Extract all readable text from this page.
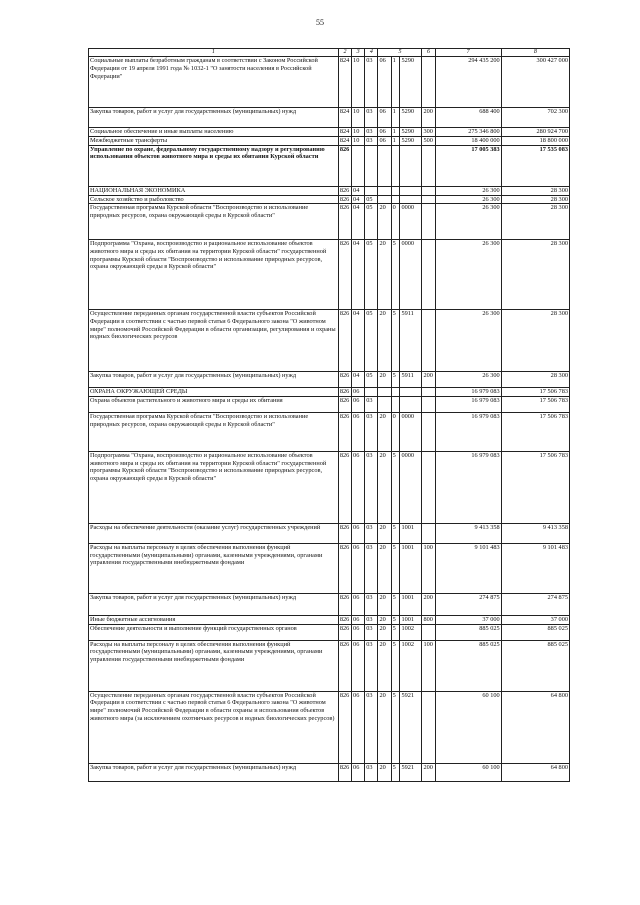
55
1	2	3	4	5			6	7	8
Социальные выплаты безработным гражданам в соответствии с Законом Российской Федерации от 19 апреля 1991 года № 1032-1 "О занятости населения в Российской Федерации"	824	10	03	06	1	5290		294 435 200	300 427 000
Закупка товаров, работ и услуг для государственных (муниципальных) нужд	824	10	03	06	1	5290	200	688 400	702 300
Социальное обеспечение и иные выплаты населению	824	10	03	06	1	5290	300	275 346 800	280 924 700
Межбюджетные трансферты	824	10	03	06	1	5290	500	18 400 000	18 800 000
Управление по охране, федеральному государственному надзору и регулированию использования объектов животного мира и среды их обитания Курской области	826							17 005 383	17 535 083
НАЦИОНАЛЬНАЯ ЭКОНОМИКА	826	04						26 300	28 300
Сельское хозяйство и рыболовство	826	04	05					26 300	28 300
Государственная программа Курской области "Воспроизводство и использование природных ресурсов, охрана окружающей среды в Курской области"	826	04	05	20	0	0000		26 300	28 300
Подпрограмма "Охрана, воспроизводство и рациональное использование объектов животного мира и среды их обитания на территории Курской области" государственной программы Курской области "Воспроизводство и использование природных ресурсов, охрана окружающей среды в Курской области"	826	04	05	20	5	0000		26 300	28 300
Осуществление переданных органам государственной власти субъектов Российской Федерации в соответствии с частью первой статьи 6 Федерального закона "О животном мире" полномочий Российской Федерации в области организации, регулирования и охраны водных биологических ресурсов	826	04	05	20	5	5911		26 300	28 300
Закупка товаров, работ и услуг для государственных (муниципальных) нужд	826	04	05	20	5	5911	200	26 300	28 300
ОХРАНА ОКРУЖАЮЩЕЙ СРЕДЫ	826	06						16 979 083	17 506 783
Охрана объектов растительного и животного мира и среды их обитания	826	06	03					16 979 083	17 506 783
Государственная программа Курской области "Воспроизводство и использование природных ресурсов, охрана окружающей среды в Курской области"	826	06	03	20	0	0000		16 979 083	17 506 783
Подпрограмма "Охрана, воспроизводство и рациональное использование объектов животного мира и среды их обитания на территории Курской области" государственной программы Курской области "Воспроизводство и использование природных ресурсов, охрана окружающей среды в Курской области"	826	06	03	20	5	0000		16 979 083	17 506 783
Расходы на обеспечение деятельности (оказание услуг) государственных учреждений	826	06	03	20	5	1001		9 413 358	9 413 358
Расходы на выплаты персоналу в целях обеспечения выполнения функций государственными (муниципальными) органами, казенными учреждениями, органами управления государственными внебюджетными фондами	826	06	03	20	5	1001	100	9 101 483	9 101 483
Закупка товаров, работ и услуг для государственных (муниципальных) нужд	826	06	03	20	5	1001	200	274 875	274 875
Иные бюджетные ассигнования	826	06	03	20	5	1001	800	37 000	37 000
Обеспечение деятельности и выполнение функций государственных органов	826	06	03	20	5	1002		885 025	885 025
Расходы на выплаты персоналу в целях обеспечения выполнения функций государственными (муниципальными) органами, казенными учреждениями, органами управления государственными внебюджетными фондами	826	06	03	20	5	1002	100	885 025	885 025
Осуществление переданных органам государственной власти субъектов Российской Федерации в соответствии с частью первой статьи 6 Федерального закона "О животном мире" полномочий Российской Федерации в области охраны и использования объектов животного мира (за исключением охотничьих ресурсов и водных биологических ресурсов)	826	06	03	20	5	5921		60 100	64 800
Закупка товаров, работ и услуг для государственных (муниципальных) нужд	826	06	03	20	5	5921	200	60 100	64 800
